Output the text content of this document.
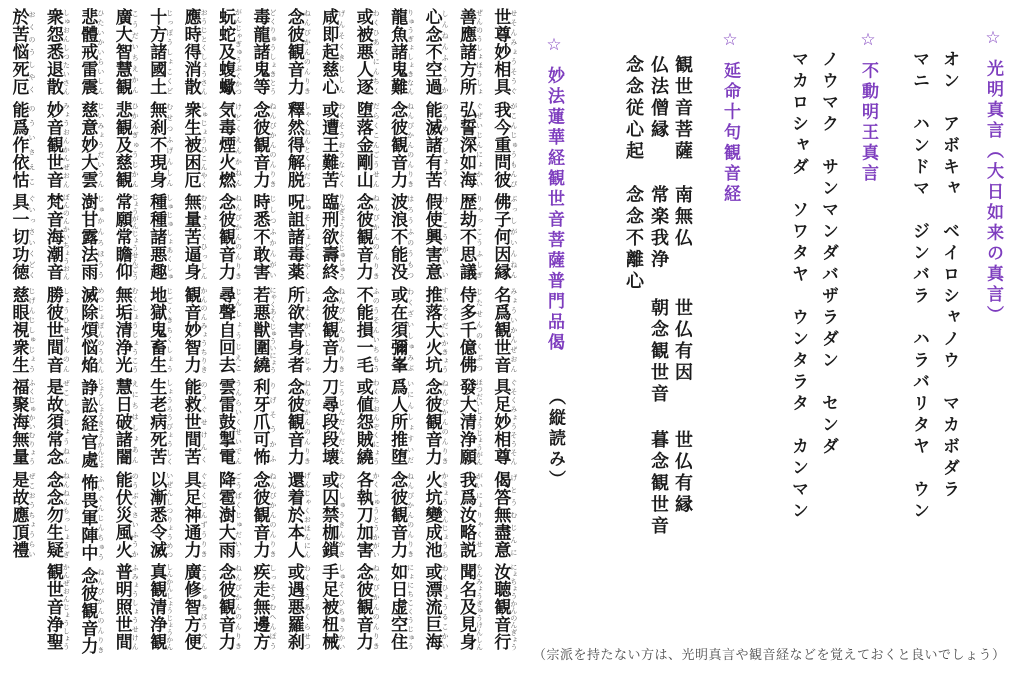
世尊妙相具 せそんみょうそうぐ我今重問彼 がこんじゅうもんぴ佛子何因縁 ぶっしがいんねん名爲観世音 みょういかんぜおん具足妙相尊 ぐそくみょうそうそん偈答無盡意 げとうむじんに汝聴観音行 にょちょうかんのんぎょう
善應諸方所 ぜんのうしょほうしょ弘誓深如海 ぐぜいじんにょかい歴劫不思議 りゃっこうふしぎ侍多千億佛 じたせんのくぶつ發大清浄願 ほつだいしょうじょうがん我爲汝略説 がいにょりゃくせつ聞名及見身 もんみょうぎゅうけんしん
心念不空過 しんねんふくうか能滅諸有苦 のうめつしょうく假使興害意 けしこうがいい推落大火坑 すいらくだいかきょう念彼観音力 ねんぴかんのんりき火坑變成池 かきょうへんじょうち或漂流巨海 わくひょうるこかい
龍魚諸鬼難 りゅうぎょしょきなん念彼観音力 ねんぴかんのんりき波浪不能没 はろうふのうもつ或在須彌峯 わくざいしゅみぶ爲人所推堕 いにんしょすいだ念彼観音力 ねんぴかんのんりき如日虚空住 にょにちこくうじゅう
或被悪人逐 わくひあくにんちく堕落金剛山 だらくこんごうせん念彼観音力 ねんぴかんのんりき不能損一毛 ふのうそんいちもう或値怨賊繞 わくちおんぞくにょう各執刀加害 かくしゅうとうかがい念彼観音力 ねんぴかんのんりき
咸即起慈心 げんそくきじしん或遭王難苦 わくそうおうなんく臨刑欲壽終 りんぎょうよくじゅじゅう念彼観音力 ねんぴかんのんりき刀尋段段壊 とうじんだんだんえ或囚禁枷鎖 わくしゅうきんかさ手足被杻械 しゅそくひちゅうかい
念彼観音力 ねんぴかんのんりき釋然得解脱 しゃくねんとくげだつ呪詛諸毒薬 しゅそしょどくやく所欲害身者 しょよくがいしんじゃ念彼観音力 ねんぴかんのんりき還着於本人 げんじゃくおほんにん或遇悪羅刹 わくぐうあくらせつ
毒龍諸鬼等 どくりゅうしょきとう念彼観音力 ねんぴかんのんりき時悉不敢害 じしつふかんがい若悪獣圍繞 にゃくあくじゅういにょう利牙爪可怖 りげそうかふ念彼観音力 ねんぴかんのんりき疾走無邊方 しっそうむへんぽう
蚖蛇及蝮蠍 がんじゃぎゅうぶくかつ気毒煙火燃 けどくえんかねん念彼観音力 ねんぴかんのんりき尋聲自回去 じんしょうじえこ雲雷鼓掣電 うんらいくせいでん降雹澍大雨 ごうばくじゅだいう念彼観音力 ねんぴかんのんりき
應時得消散 おうじとくしょうさん衆生被困厄 しゅじょうひこんやく無量苦逼身 むりょうくひっしん観音妙智力 かんのんみょうちりき能救世間苦 のうぐせけんく具足神通力 ぐそくじんずうりき廣修智方便 こうしゅちほうべん
十方諸國土 じっぽうしょこくど無刹不現身 むせつふげんしん種種諸悪趣 しゅじゅしょあくしゅ地獄鬼畜生 じごくきちくしょう生老病死苦 しょうろうびょうしく以漸悉令滅 いぜんしつりょうめつ真観清浄観 しんかんしょうじょうかん
廣大智慧観 こうだいちえかん悲観及慈観 ひかんぎゅうじかん常願常瞻仰 じょうがんじょうせんごう無垢清浄光 むくしょうじょうこう慧日破諸闇 えにちはしょあん能伏災風火 のうぶくさいふうか普明照世間 ふみょうしょうせけん
悲體戒雷震 ひたいかいらいしん慈意妙大雲 じいみょうだいうん澍甘露法雨 じゅかんろほうう滅除煩悩焔 めつじょぼんのうえん諍訟経官處 じょうしょうきょうかんじょ怖畏軍陣中 ふいぐんじんちゅう念彼観音力 ねんぴかんのんりき
衆怨悉退散 しゅおんしつたいさん妙音観世音 みょうおんかんぜおん梵音海潮音 ぼんのんかいちょうおん勝彼世間音 しょうひせけんのん是故須常念 ぜこしゅじょうねん念念勿生疑 ねんねんもっしょうぎ観世音浄聖 かんぜおんじょうしょう
於苦悩死厄 おくのうしやく能爲作依怙 のういさえこ具一切功徳 ぐいっさいくどく慈眼視衆生 じげんじしゅじょう福聚海無量 ふくじゅかいむりょう是故應頂禮 ぜこおうちょうらい
☆ 妙法蓮華経観世音菩薩普門品偈
（縦読み）
☆ 延命十句観音経
観世音菩薩
南無仏
世仏有因
世仏有縁
仏法僧縁
常楽我浄
朝念観世音
暮念観世音
念念従心起
念念不離心
☆ 不動明王真言
ノウマク　サンマンダバザラダン　センダ
マカロシャダ　ソワタヤ　ウンタラタ　カンマン	☆ 光明真言（大日如来の真言）
オン　アボキャ　ベイロシャノウ　マカボダラ
マニ　ハンドマ　ジンバラ　ハラバリタヤ　ウン
（宗派を持たない方は、光明真言や観音経などを覚えておくと良いでしょう）
